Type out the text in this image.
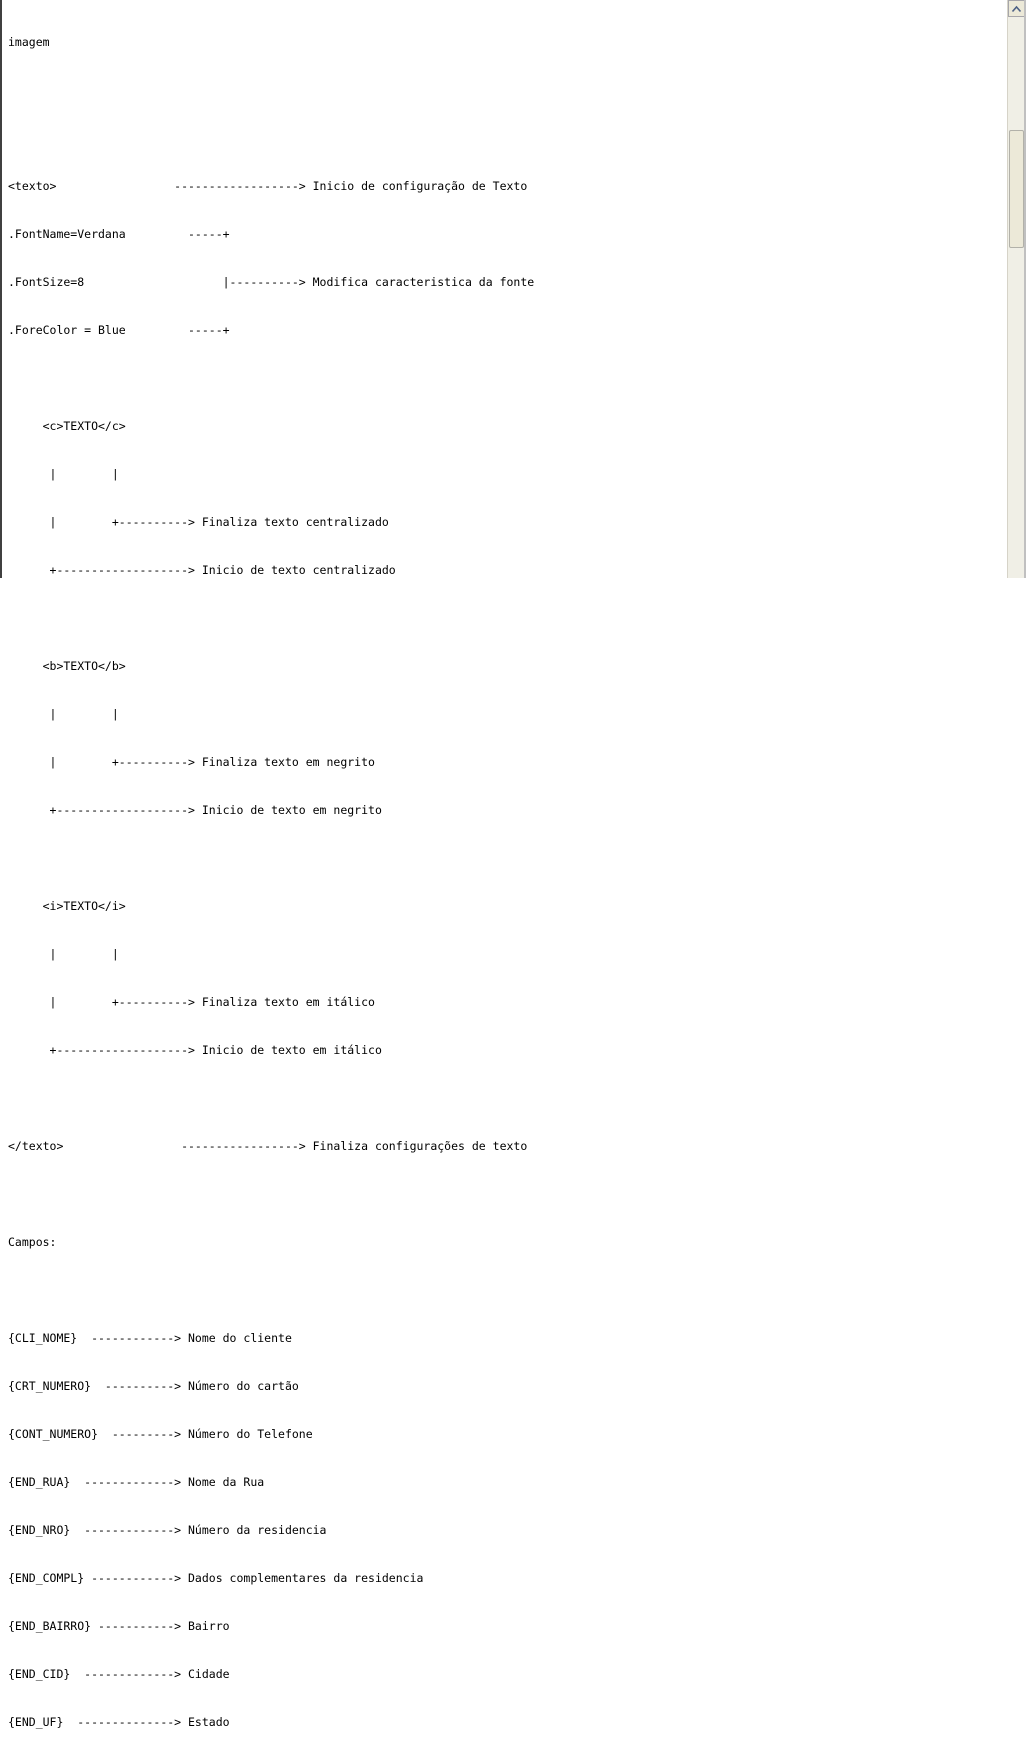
imagem

<texto>                 ------------------> Inicio de configuração de Texto

.FontName=Verdana         -----+

.FontSize=8                    |----------> Modifica caracteristica da fonte

.ForeColor = Blue         -----+

<c>TEXTO</c>

|        |

|        +----------> Finaliza texto centralizado

+-------------------> Inicio de texto centralizado

<b>TEXTO</b>

|        |

|        +----------> Finaliza texto em negrito

+-------------------> Inicio de texto em negrito

<i>TEXTO</i>

|        |

|        +----------> Finaliza texto em itálico

+-------------------> Inicio de texto em itálico

</texto>                 -----------------> Finaliza configurações de texto

Campos:

{CLI_NOME}  ------------> Nome do cliente

{CRT_NUMERO}  ----------> Número do cartão

{CONT_NUMERO}  ---------> Número do Telefone

{END_RUA}  -------------> Nome da Rua

{END_NRO}  -------------> Número da residencia

{END_COMPL} ------------> Dados complementares da residencia

{END_BAIRRO} -----------> Bairro

{END_CID}  -------------> Cidade

{END_UF}  --------------> Estado
